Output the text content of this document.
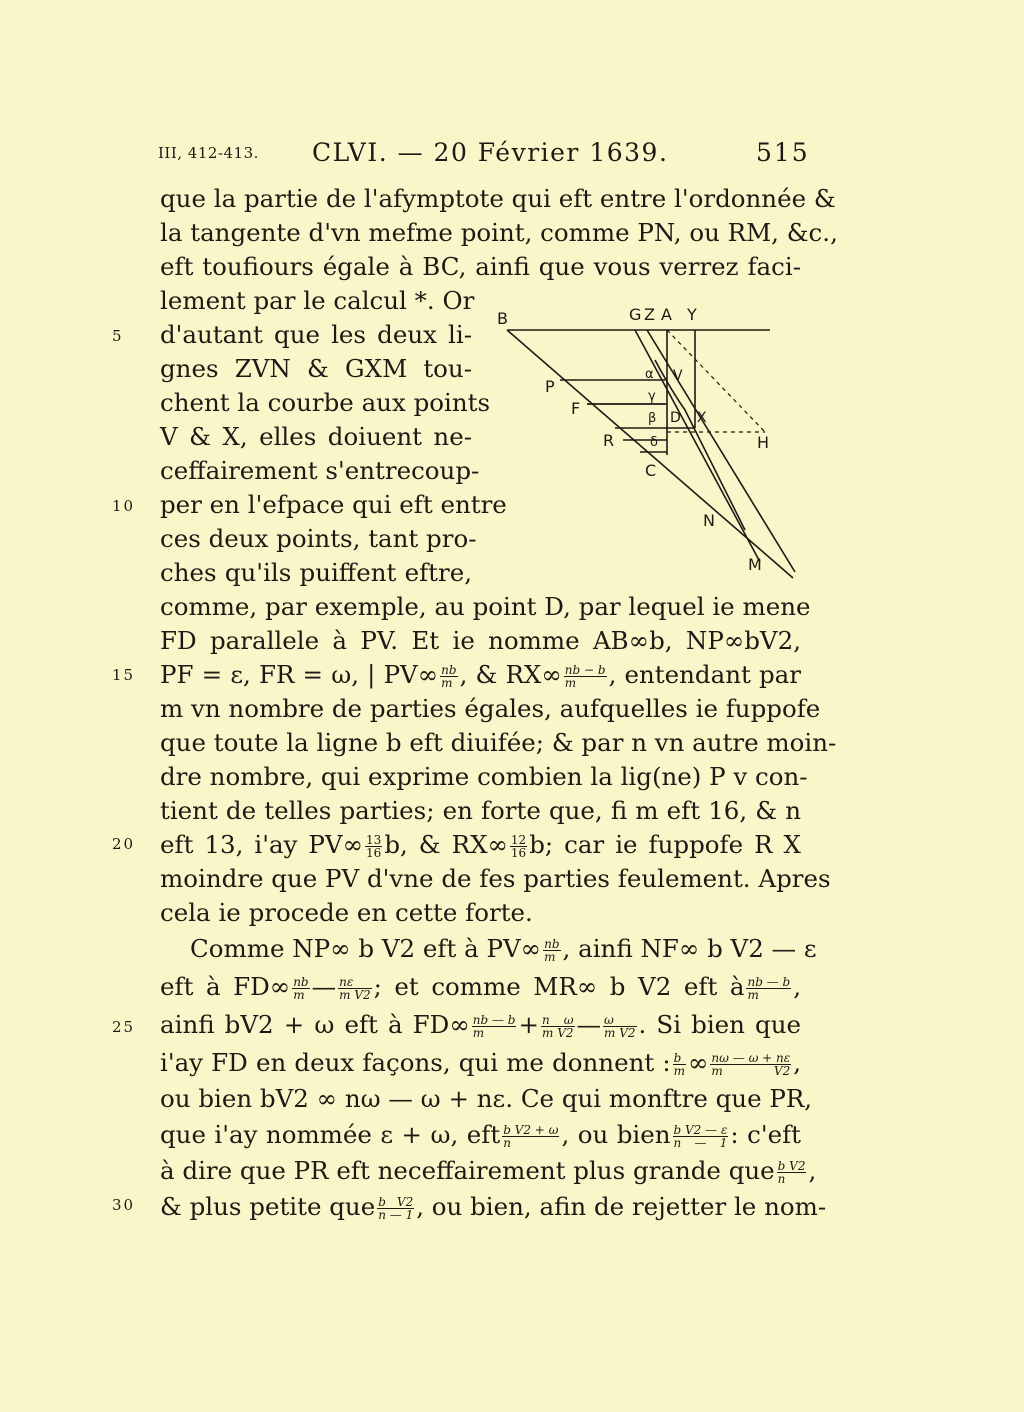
III, 412-413. CLVI. — 20 Février 1639.	515
5
10
15
20
25
30
que la partie de l'afymptote qui eft entre l'ordonnée &
la tangente d'vn mefme point, comme PN, ou RM, &c.,
eft toufiours égale à BC, ainfi que vous verrez faci-
lement par le calcul *. Or
d'autant que les deux li-
gnes ZVN & GXM tou-
chent la courbe aux points
V & X, elles doiuent ne-
ceffairement s'entrecoup-
per en l'efpace qui eft entre
ces deux points, tant pro-
ches qu'ils puiffent eftre,
comme, par exemple, au point D, par lequel ie mene
FD parallele à PV. Et ie nomme AB∞b, NP∞bV2,
PF = ε, FR = ω, | $PV\infty \frac{nb}{m}$ , & $RX\infty \frac{nb - b}{m}$ , entendant par
m vn nombre de parties égales, aufquelles ie fuppofe
que toute la ligne b eft diuifée; & par n vn autre moin-
dre nombre, qui exprime combien la lig(ne) P v con-
tient de telles parties; en forte que, fi m eft 16, & n
eft 13, i'ay $PV\infty \frac{13}{16} b$, & $RX\infty \frac{12}{16} b$; car ie fuppofe R X
moindre que PV d'vne de fes parties feulement. Apres
cela ie procede en cette forte.
Comme NP∞ b V2 eft à $PV\infty \frac{nb}{m}$ , ainfi NF∞ b V2 — ε
eft à $FD\infty \frac{nb}{m}$ — $\frac{n\varepsilon}{\text{m V2}}$ ; et comme MR∞ b V2 eft à $\frac{nb — b}{m}$ ,
ainfi bV2 + ω eft à $FD\infty \frac{nb — b}{m} + \frac{\text{n ω}}{\text{m V2}}$ — $\frac{\omega}{\text{m V2}}$ . Si bien que
i'ay FD en deux façons, qui me donnent : $\frac{b}{m}$ ∞ $\frac{n\omega — \omega + n\varepsilon}{\text{m V2}}$ ,
ou bien bV2 ∞ nω — ω + nε. Ce qui monftre que PR,
que i'ay nommée ε + ω, eft $\frac{\text{b V2 + ω}}{n}$ , ou bien $\frac{\text{b V2 — ε}}{n — 1}$ : c'eft
à dire que PR eft neceffairement plus grande que $\frac{\text{b V2}}{n}$ ,
& plus petite que $\frac{\text{b V2}}{n — 1}$ , ou bien, afin de rejetter le nom-
B	G Z A Y
P
F
R
C
α
γ
β
δ
V
D X
H
N
M
